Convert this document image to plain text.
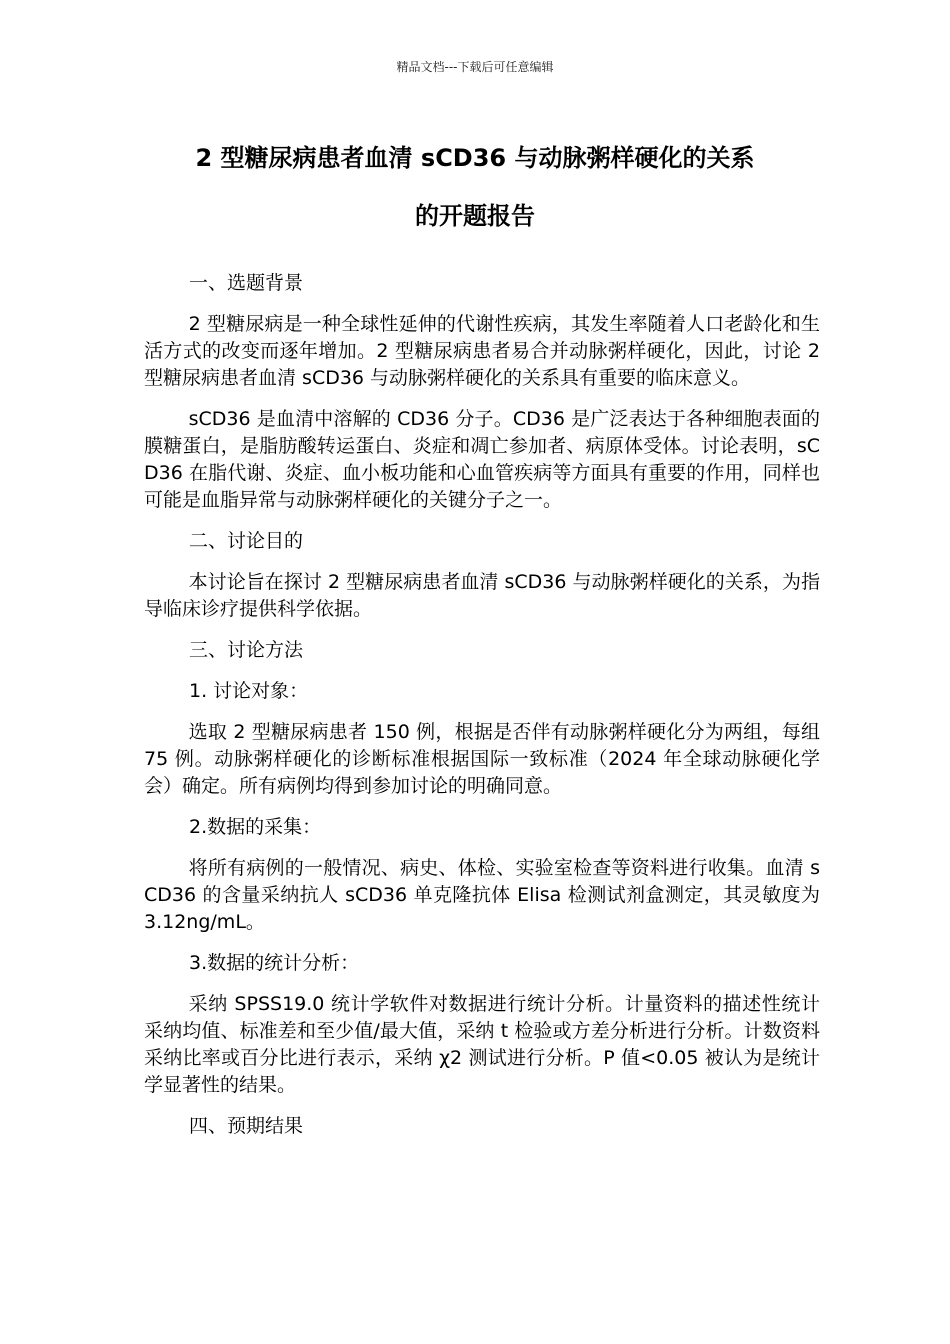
精品文档---下载后可任意编辑
2 型糖尿病患者血清 sCD36 与动脉粥样硬化的关系
的开题报告
一、选题背景

2 型糖尿病是一种全球性延伸的代谢性疾病，其发生率随着人口老龄化和生活方式的改变而逐年增加。2 型糖尿病患者易合并动脉粥样硬化，因此，讨论 2 型糖尿病患者血清 sCD36 与动脉粥样硬化的关系具有重要的临床意义。

sCD36 是血清中溶解的 CD36 分子。CD36 是广泛表达于各种细胞表面的膜糖蛋白，是脂肪酸转运蛋白、炎症和凋亡参加者、病原体受体。讨论表明，sCD36 在脂代谢、炎症、血小板功能和心血管疾病等方面具有重要的作用，同样也可能是血脂异常与动脉粥样硬化的关键分子之一。

二、讨论目的

本讨论旨在探讨 2 型糖尿病患者血清 sCD36 与动脉粥样硬化的关系，为指导临床诊疗提供科学依据。

三、讨论方法
1. 讨论对象：

选取 2 型糖尿病患者 150 例，根据是否伴有动脉粥样硬化分为两组，每组 75 例。动脉粥样硬化的诊断标准根据国际一致标准（2024 年全球动脉硬化学会）确定。所有病例均得到参加讨论的明确同意。

2.数据的采集：

将所有病例的一般情况、病史、体检、实验室检查等资料进行收集。血清 sCD36 的含量采纳抗人 sCD36 单克隆抗体 Elisa 检测试剂盒测定，其灵敏度为 3.12ng/mL。

3.数据的统计分析：

采纳 SPSS19.0 统计学软件对数据进行统计分析。计量资料的描述性统计采纳均值、标准差和至少值/最大值，采纳 t 检验或方差分析进行分析。计数资料采纳比率或百分比进行表示，采纳 χ2 测试进行分析。P 值<0.05 被认为是统计学显著性的结果。

四、预期结果
